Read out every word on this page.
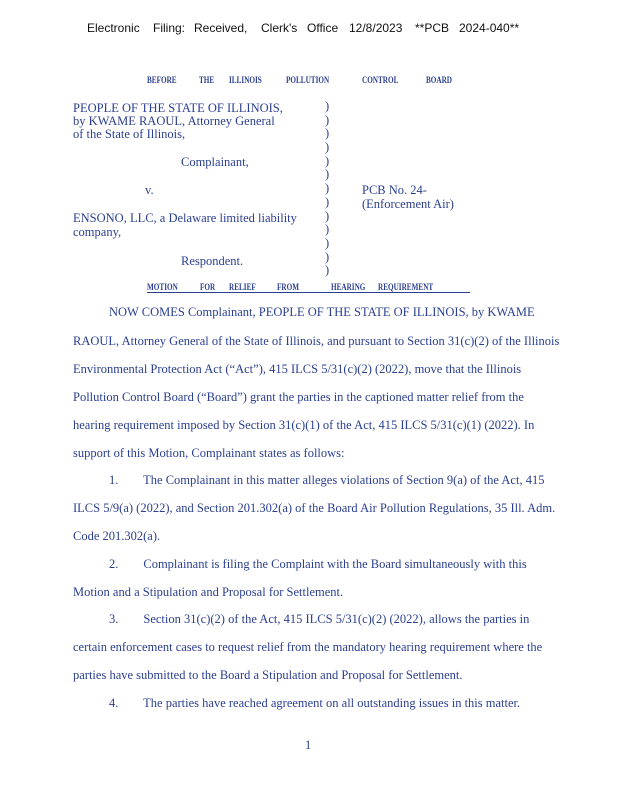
Electronic Filing: Received, Clerk's Office 12/8/2023 **PCB 2024-040**
BEFORE THE ILLINOIS	POLLUTION	CONTROL	BOARD
PEOPLE OF THE STATE OF ILLINOIS,
by KWAME RAOUL, Attorney General
of the State of Illinois,
Complainant,
v.
ENSONO, LLC, a Delaware limited liability
company,
Respondent.
PCB No. 24-
(Enforcement Air)
)
)
)
)
)
)
)
)
)
)
)
)
)
MOTION FOR RELIEF FROM	HEARING REQUIREMENT
NOW COMES Complainant, PEOPLE OF THE STATE OF ILLINOIS, by KWAME
RAOUL, Attorney General of the State of Illinois, and pursuant to Section 31(c)(2) of the Illinois
Environmental Protection Act (“Act”), 415 ILCS 5/31(c)(2) (2022), move that the Illinois
Pollution Control Board (“Board”) grant the parties in the captioned matter relief from the
hearing requirement imposed by Section 31(c)(1) of the Act, 415 ILCS 5/31(c)(1) (2022). In
support of this Motion, Complainant states as follows:
1.        The Complainant in this matter alleges violations of Section 9(a) of the Act, 415
ILCS 5/9(a) (2022), and Section 201.302(a) of the Board Air Pollution Regulations, 35 Ill. Adm.
Code 201.302(a).
2.        Complainant is filing the Complaint with the Board simultaneously with this
Motion and a Stipulation and Proposal for Settlement.
3.        Section 31(c)(2) of the Act, 415 ILCS 5/31(c)(2) (2022), allows the parties in
certain enforcement cases to request relief from the mandatory hearing requirement where the
parties have submitted to the Board a Stipulation and Proposal for Settlement.
4.        The parties have reached agreement on all outstanding issues in this matter.
1
